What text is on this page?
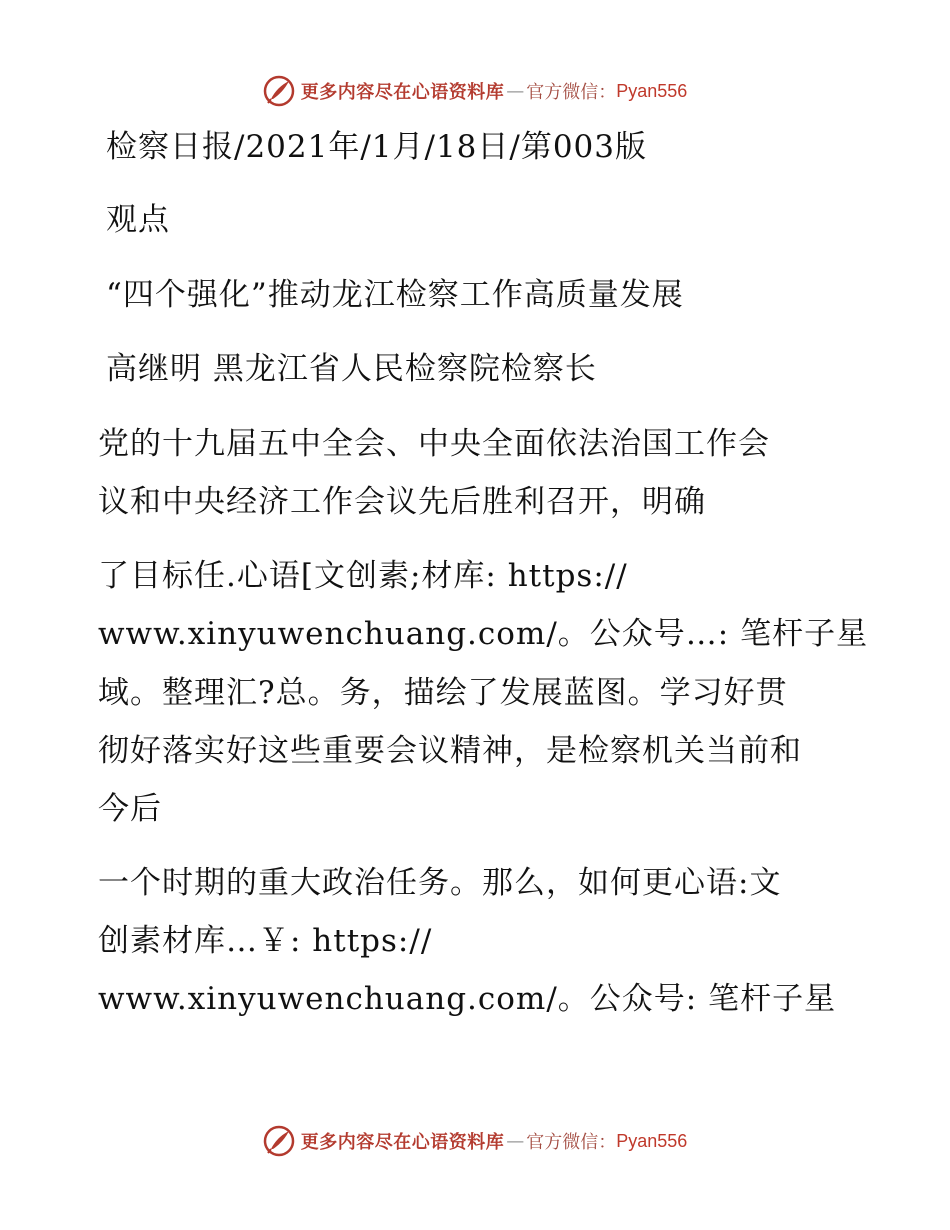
更多内容尽在心语资料库 — 官方微信： Pyan556
检察日报/2021年/1月/18日/第003版
观点
“四个强化”推动龙江检察工作高质量发展
高继明 黑龙江省人民检察院检察长
党的十九届五中全会、中央全面依法治国工作会
议和中央经济工作会议先后胜利召开，明确
了目标任.心语[文创素;材库: https://
www.xinyuwenchuang.com/。公众号…: 笔杆子星
域。整理汇?总。务，描绘了发展蓝图。学习好贯
彻好落实好这些重要会议精神，是检察机关当前和
今后
一个时期的重大政治任务。那么，如何更心语:文
创素材库…￥: https://
www.xinyuwenchuang.com/。公众号: 笔杆子星
更多内容尽在心语资料库 — 官方微信： Pyan556
